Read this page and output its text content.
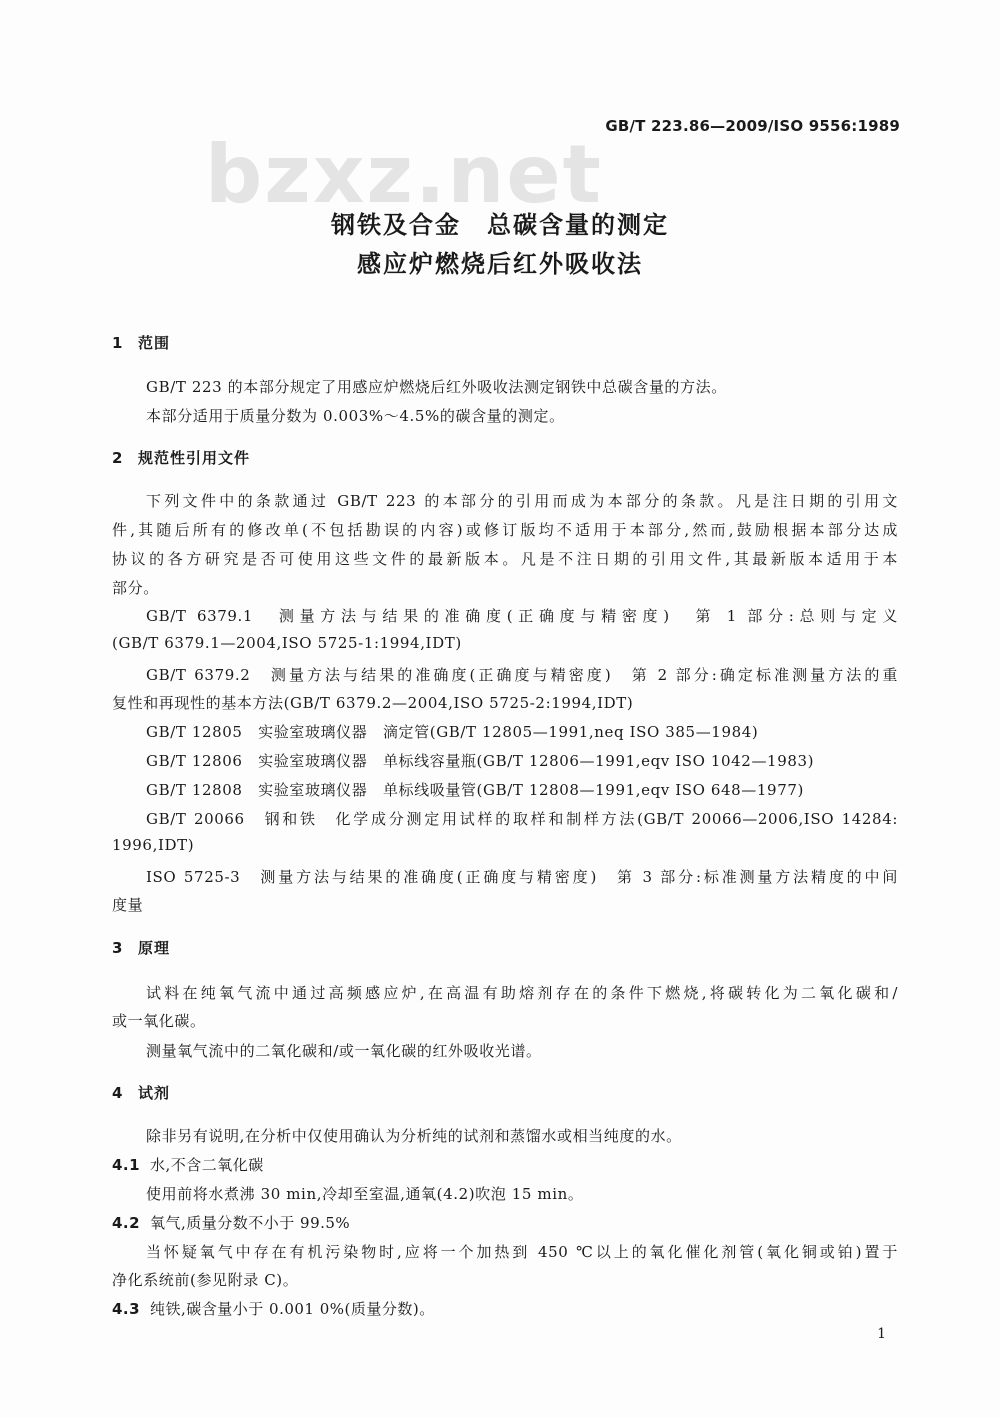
bzxz.net
GB/T 223.86—2009/ISO 9556:1989
钢铁及合金　总碳含量的测定
感应炉燃烧后红外吸收法
1 范围
GB/T 223 的本部分规定了用感应炉燃烧后红外吸收法测定钢铁中总碳含量的方法。
本部分适用于质量分数为 0.003%～4.5%的碳含量的测定。
2 规范性引用文件
下列文件中的条款通过 GB/T 223 的本部分的引用而成为本部分的条款。凡是注日期的引用文
件,其随后所有的修改单(不包括勘误的内容)或修订版均不适用于本部分,然而,鼓励根据本部分达成
协议的各方研究是否可使用这些文件的最新版本。凡是不注日期的引用文件,其最新版本适用于本
部分。
GB/T 6379.1　测量方法与结果的准确度(正确度与精密度)　第 1 部分:总则与定义
(GB/T 6379.1—2004,ISO 5725-1:1994,IDT)
GB/T 6379.2　测量方法与结果的准确度(正确度与精密度)　第 2 部分:确定标准测量方法的重
复性和再现性的基本方法(GB/T 6379.2—2004,ISO 5725-2:1994,IDT)
GB/T 12805　实验室玻璃仪器　滴定管(GB/T 12805—1991,neq ISO 385—1984)
GB/T 12806　实验室玻璃仪器　单标线容量瓶(GB/T 12806—1991,eqv ISO 1042—1983)
GB/T 12808　实验室玻璃仪器　单标线吸量管(GB/T 12808—1991,eqv ISO 648—1977)
GB/T 20066　钢和铁　化学成分测定用试样的取样和制样方法(GB/T 20066—2006,ISO 14284:
1996,IDT)
ISO 5725-3　测量方法与结果的准确度(正确度与精密度)　第 3 部分:标准测量方法精度的中间
度量
3 原理
试料在纯氧气流中通过高频感应炉,在高温有助熔剂存在的条件下燃烧,将碳转化为二氧化碳和/
或一氧化碳。
测量氧气流中的二氧化碳和/或一氧化碳的红外吸收光谱。
4 试剂
除非另有说明,在分析中仅使用确认为分析纯的试剂和蒸馏水或相当纯度的水。
4.1 水,不含二氧化碳
使用前将水煮沸 30 min,冷却至室温,通氧(4.2)吹泡 15 min。
4.2 氧气,质量分数不小于 99.5%
当怀疑氧气中存在有机污染物时,应将一个加热到 450 ℃以上的氧化催化剂管(氧化铜或铂)置于
净化系统前(参见附录 C)。
4.3 纯铁,碳含量小于 0.001 0%(质量分数)。
1
